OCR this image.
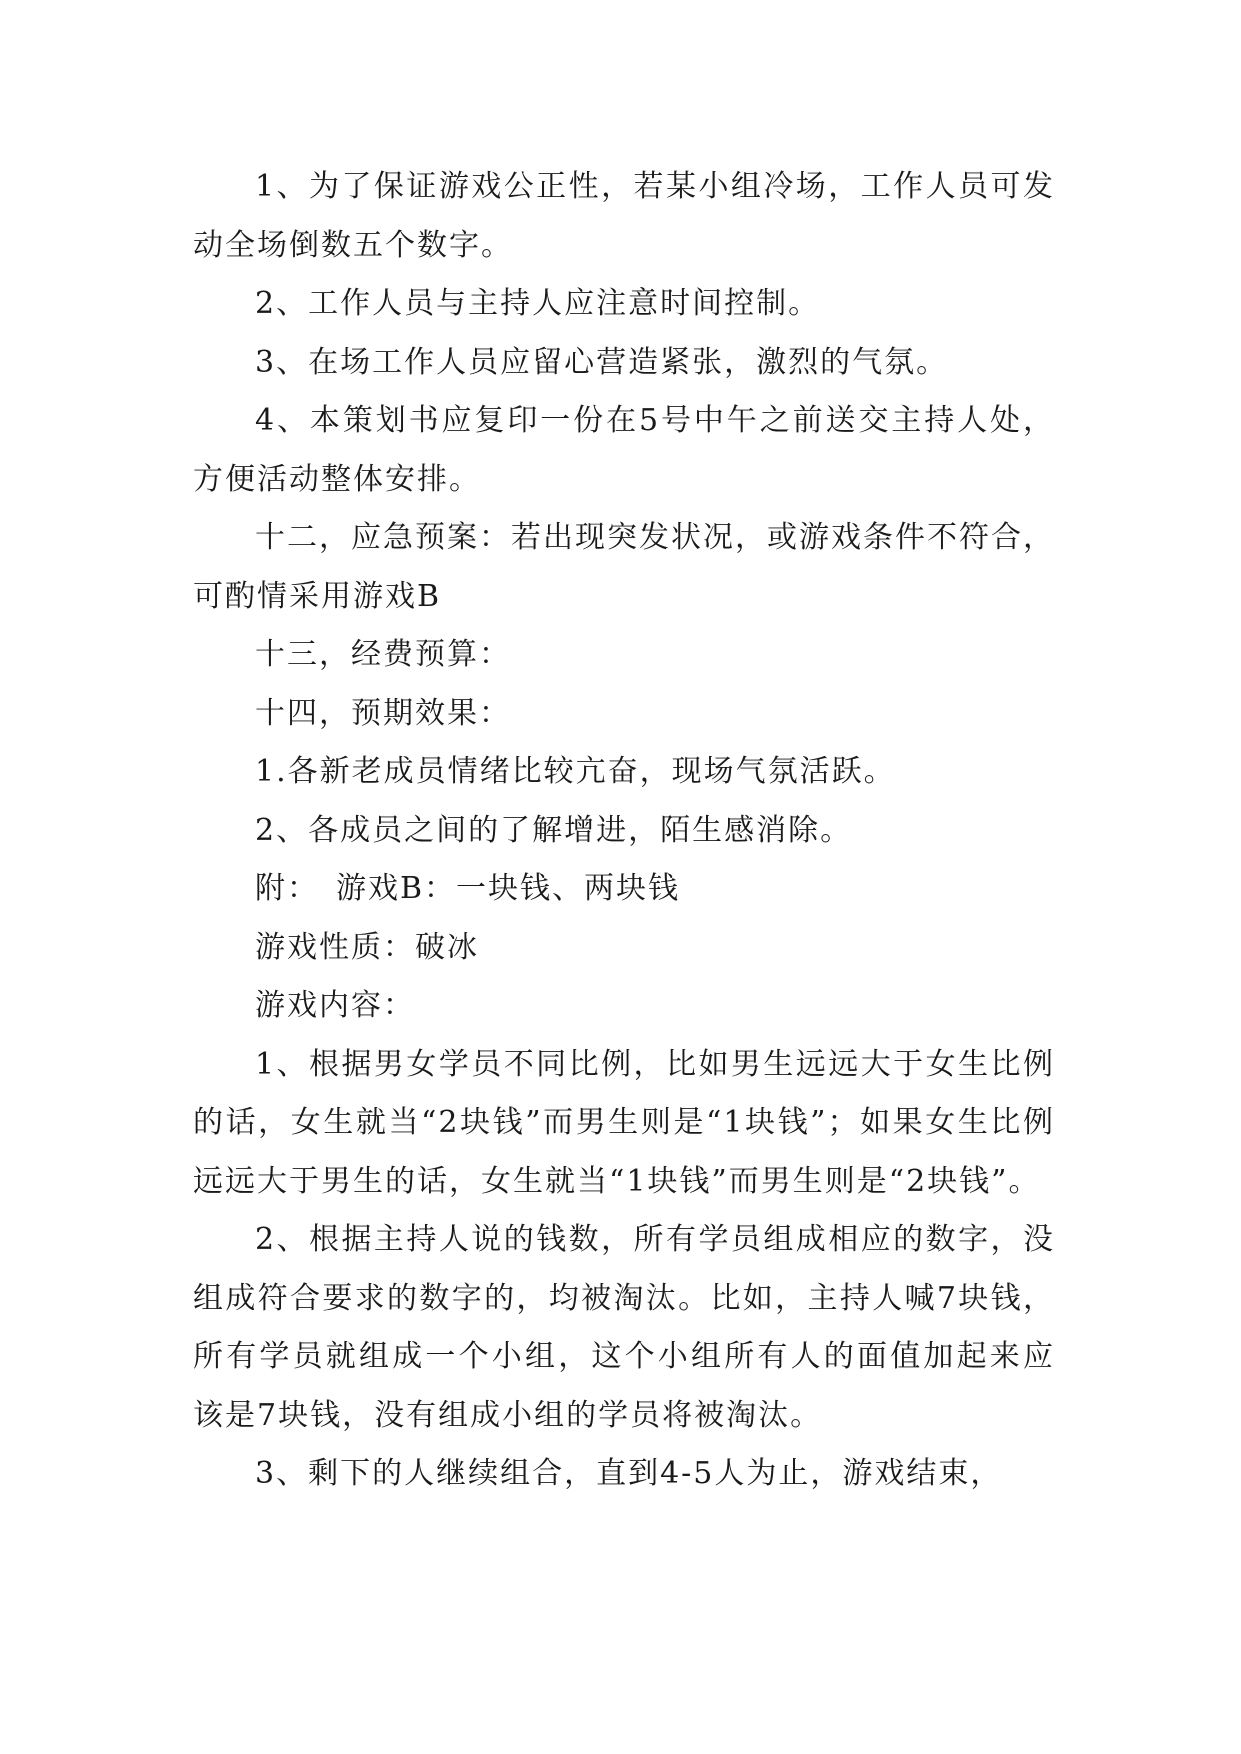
1、为了保证游戏公正性，若某小组冷场，工作人员可发动全场倒数五个数字。

2、工作人员与主持人应注意时间控制。

3、在场工作人员应留心营造紧张，激烈的气氛。

4、本策划书应复印一份在5号中午之前送交主持人处，方便活动整体安排。

十二，应急预案：若出现突发状况，或游戏条件不符合，可酌情采用游戏B

十三，经费预算：

十四，预期效果：

1.各新老成员情绪比较亢奋，现场气氛活跃。

2、各成员之间的了解增进，陌生感消除。

附：　游戏B：一块钱、两块钱

游戏性质：破冰

游戏内容：

1、根据男女学员不同比例，比如男生远远大于女生比例的话，女生就当“2块钱”而男生则是“1块钱”；如果女生比例远远大于男生的话，女生就当“1块钱”而男生则是“2块钱”。

2、根据主持人说的钱数，所有学员组成相应的数字，没组成符合要求的数字的，均被淘汰。比如，主持人喊7块钱，所有学员就组成一个小组，这个小组所有人的面值加起来应该是7块钱，没有组成小组的学员将被淘汰。

3、剩下的人继续组合，直到4-5人为止，游戏结束，
